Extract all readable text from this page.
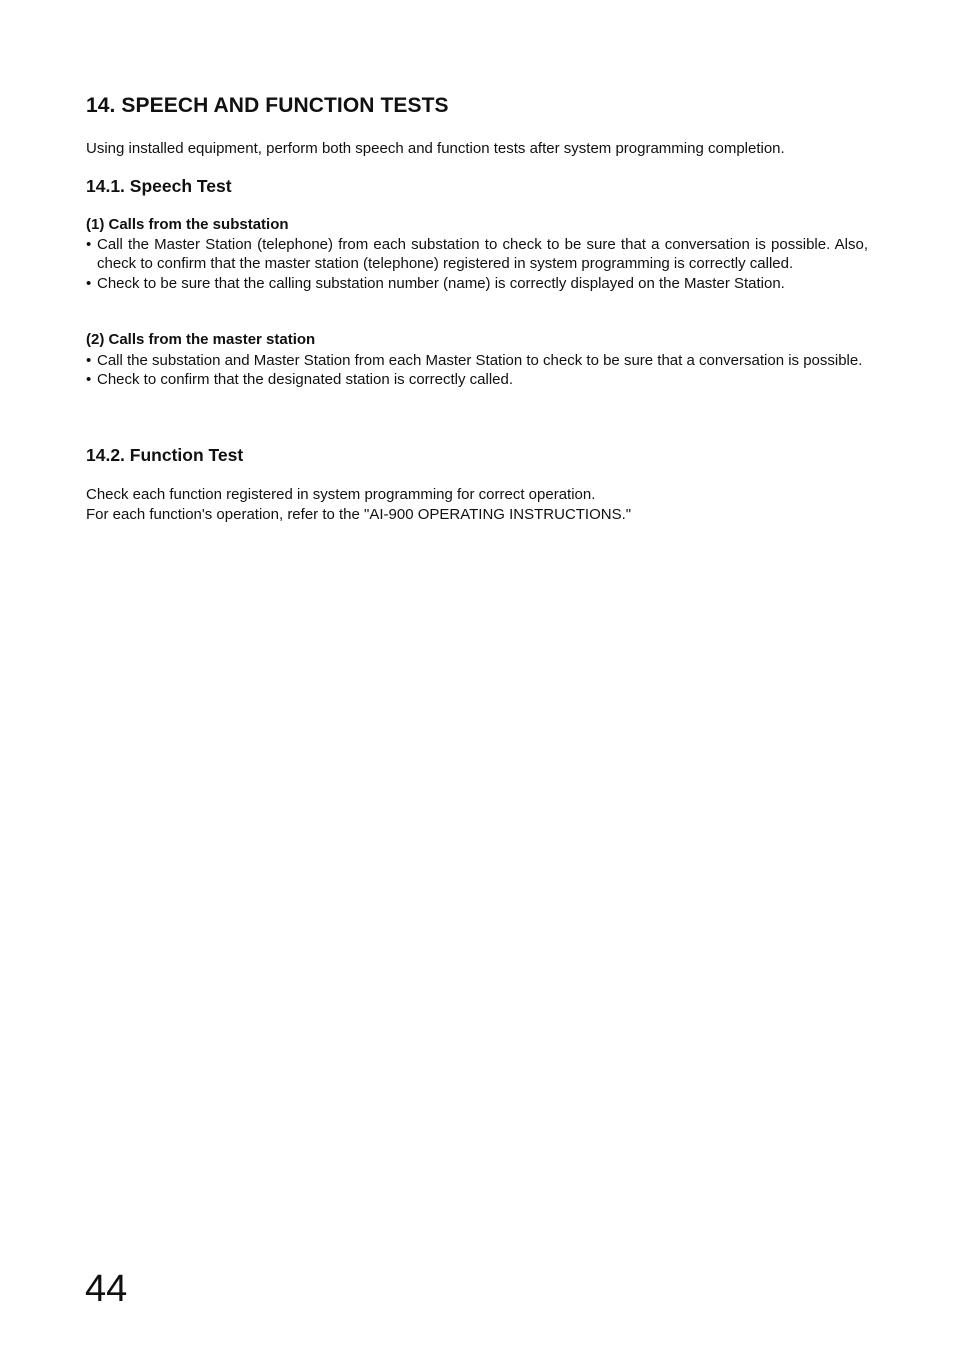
14. SPEECH AND FUNCTION TESTS

Using installed equipment, perform both speech and function tests after system programming completion.

14.1. Speech Test
(1) Calls from the substation
• Call the Master Station (telephone) from each substation to check to be sure that a conversation is possible. Also, check to confirm that the master station (telephone) registered in system programming is correctly called.
• Check to be sure that the calling substation number (name) is correctly displayed on the Master Station.
(2) Calls from the master station
• Call the substation and Master Station from each Master Station to check to be sure that a conversation is possible.
• Check to confirm that the designated station is correctly called.
14.2. Function Test

Check each function registered in system programming for correct operation.

For each function's operation, refer to the "AI-900 OPERATING INSTRUCTIONS."

44
